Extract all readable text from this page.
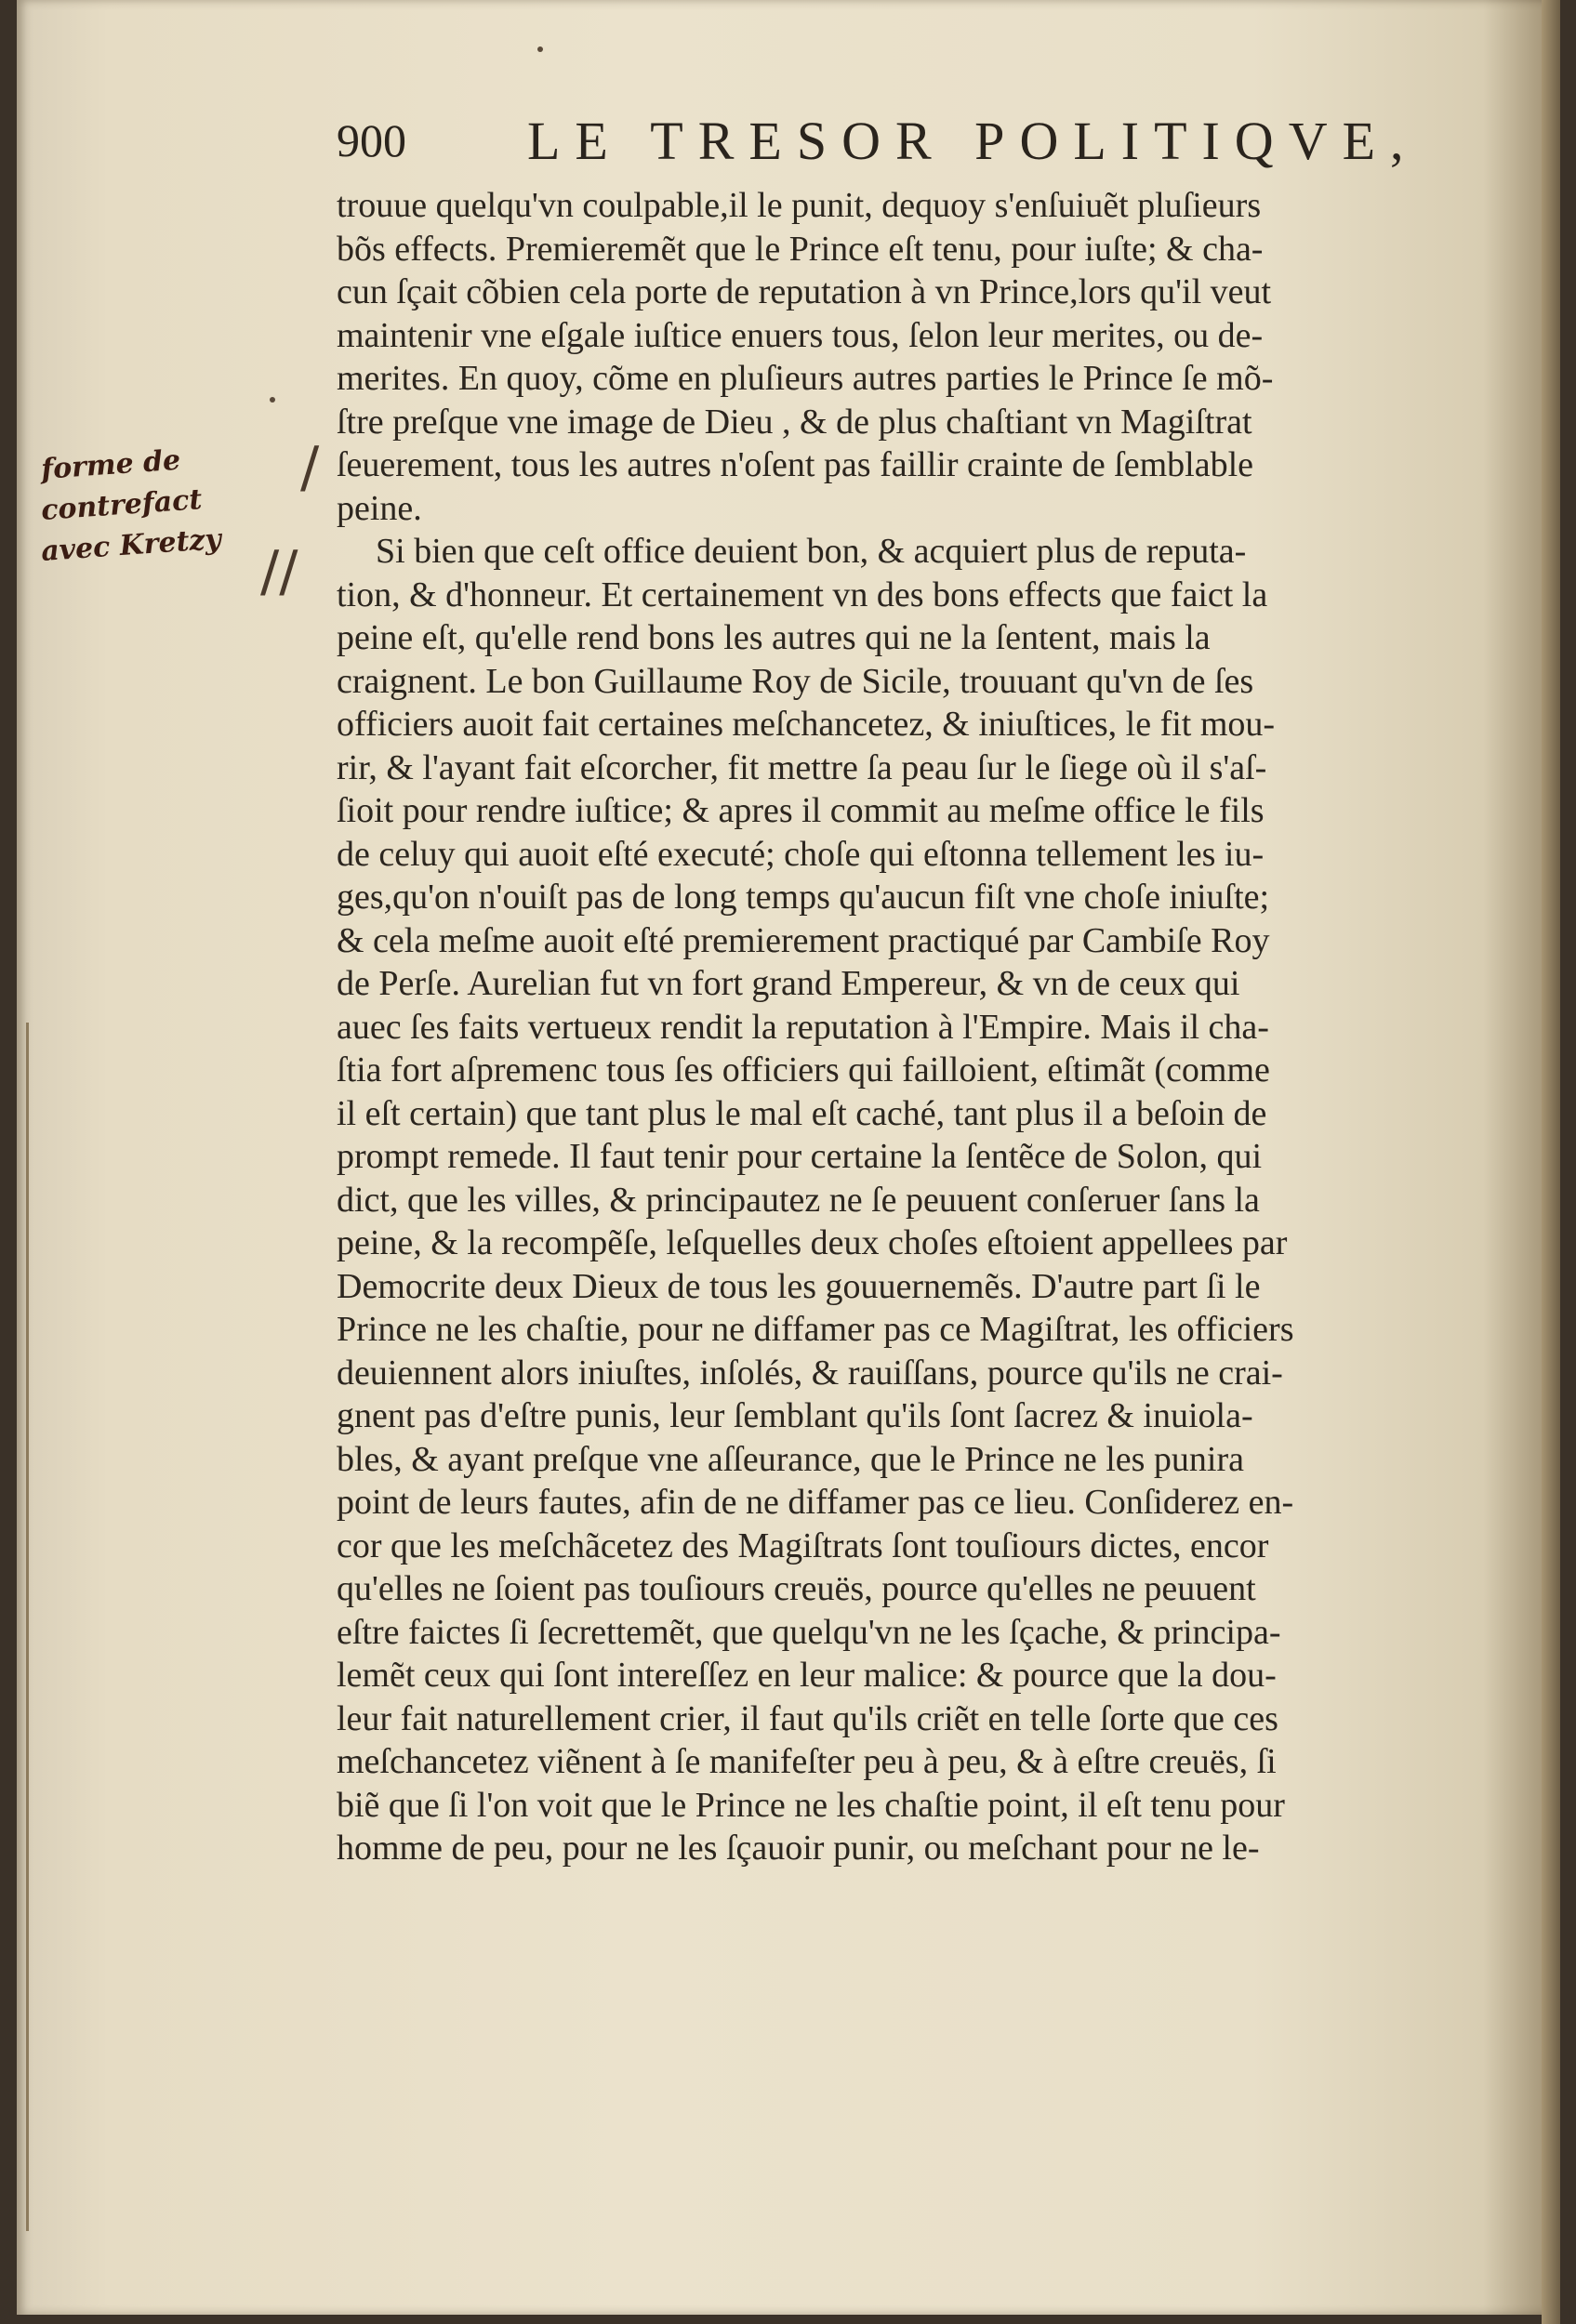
900 LE TRESOR POLITIQVE,
forme de
contrefact
avec Kretzy
/
//
trouue quelqu'vn coulpable,il le punit, dequoy s'enſuiuẽt pluſieurs
bõs effects. Premieremẽt que le Prince eſt tenu, pour iuſte; & cha-
cun ſçait cõbien cela porte de reputation à vn Prince,lors qu'il veut
maintenir vne eſgale iuſtice enuers tous, ſelon leur merites, ou de-
merites. En quoy, cõme en pluſieurs autres parties le Prince ſe mõ-
ſtre preſque vne image de Dieu , & de plus chaſtiant vn Magiſtrat
ſeuerement, tous les autres n'oſent pas faillir crainte de ſemblable
peine.
Si bien que ceſt office deuient bon, & acquiert plus de reputa-
tion, & d'honneur. Et certainement vn des bons effects que faict la
peine eſt, qu'elle rend bons les autres qui ne la ſentent, mais la
craignent. Le bon Guillaume Roy de Sicile, trouuant qu'vn de ſes
officiers auoit fait certaines meſchancetez, & iniuſtices, le fit mou-
rir, & l'ayant fait eſcorcher, fit mettre ſa peau ſur le ſiege où il s'aſ-
ſioit pour rendre iuſtice; & apres il commit au meſme office le fils
de celuy qui auoit eſté executé; choſe qui eſtonna tellement les iu-
ges,qu'on n'ouiſt pas de long temps qu'aucun fiſt vne choſe iniuſte;
& cela meſme auoit eſté premierement practiqué par Cambiſe Roy
de Perſe. Aurelian fut vn fort grand Empereur, & vn de ceux qui
auec ſes faits vertueux rendit la reputation à l'Empire. Mais il cha-
ſtia fort aſpremenc tous ſes officiers qui failloient, eſtimãt (comme
il eſt certain) que tant plus le mal eſt caché, tant plus il a beſoin de
prompt remede. Il faut tenir pour certaine la ſentẽce de Solon, qui
dict, que les villes, & principautez ne ſe peuuent conſeruer ſans la
peine, & la recompẽſe, leſquelles deux choſes eſtoient appellees par
Democrite deux Dieux de tous les gouuernemẽs. D'autre part ſi le
Prince ne les chaſtie, pour ne diffamer pas ce Magiſtrat, les officiers
deuiennent alors iniuſtes, inſolés, & rauiſſans, pource qu'ils ne crai-
gnent pas d'eſtre punis, leur ſemblant qu'ils ſont ſacrez & inuiola-
bles, & ayant preſque vne aſſeurance, que le Prince ne les punira
point de leurs fautes, afin de ne diffamer pas ce lieu. Conſiderez en-
cor que les meſchãcetez des Magiſtrats ſont touſiours dictes, encor
qu'elles ne ſoient pas touſiours creuës, pource qu'elles ne peuuent
eſtre faictes ſi ſecrettemẽt, que quelqu'vn ne les ſçache, & principa-
lemẽt ceux qui ſont intereſſez en leur malice: & pource que la dou-
leur fait naturellement crier, il faut qu'ils criẽt en telle ſorte que ces
meſchancetez viẽnent à ſe manifeſter peu à peu, & à eſtre creuës, ſi
biẽ que ſi l'on voit que le Prince ne les chaſtie point, il eſt tenu pour
homme de peu, pour ne les ſçauoir punir, ou meſchant pour ne le-
